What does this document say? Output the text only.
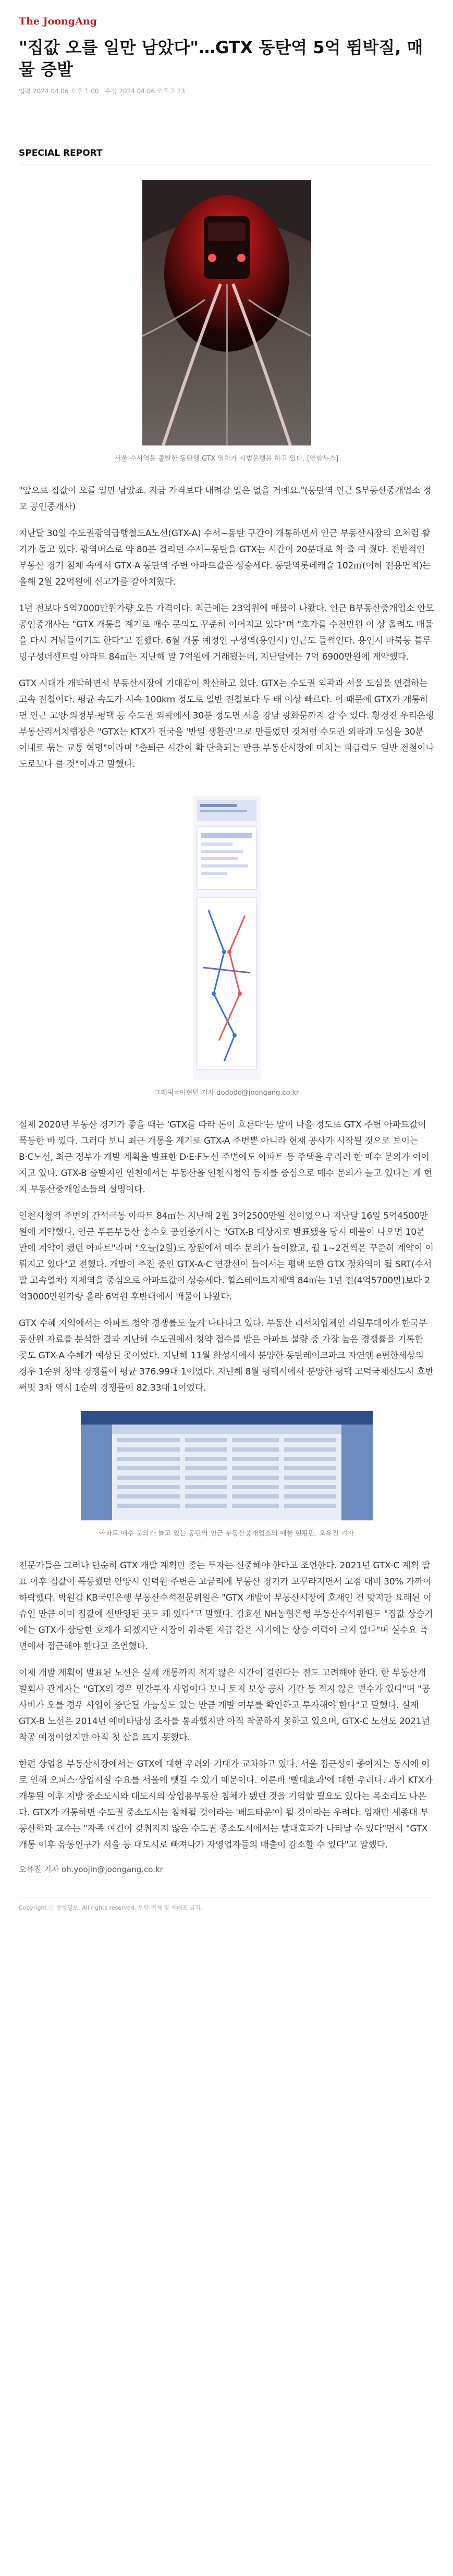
The JoongAng
"집값 오를 일만 남았다"…GTX 동탄역 5억 뜀박질, 매물 증발
입력 2024.04.06 오후 1:00 수정 2024.04.06 오후 2:23
SPECIAL REPORT
서울 수서역을 출발한 동탄행 GTX 열차가 시범운행을 하고 있다. [연합뉴스]

"앞으로 집값이 오를 일만 남았죠. 지금 가격보다 내려갈 일은 없을 거예요."(동탄역 인근 S부동산중개업소 정모 공인중개사)

지난달 30일 수도권광역급행철도A노선(GTX-A) 수서~동탄 구간이 개통하면서 인근 부동산시장의 오처럼 활기가 돌고 있다. 광역버스로 약 80분 걸리던 수서~동탄을 GTX는 시간이 20분대로 확 줄 여 줬다. 전반적인 부동산 경기 침체 속에서 GTX-A 동탄역 주변 아파트값은 상승세다. 동탄역롯데캐슬 102㎡(이하 전용면적)는 올해 2월 22억원에 신고가를 갈아치웠다.

1년 전보다 5억7000만원가량 오른 가격이다. 최근에는 23억원에 매물이 나왔다. 인근 B부동산중개업소 안모 공인중개사는 "GTX 개통을 계기로 매수 문의도 꾸준히 이어지고 있다"며 "호가를 수천만원 이 상 올려도 매물을 다시 거둬들이기도 한다"고 전했다. 6월 개통 예정인 구성역(용인시) 인근도 들썩인다. 용인시 마북동 블루밍구성더센트럴 아파트 84㎡는 지난해 말 7억원에 거래됐는데, 지난달에는 7억 6900만원에 계약했다.

GTX 시대가 개막하면서 부동산시장에 기대감이 확산하고 있다. GTX는 수도권 외곽과 서울 도심을 연결하는 고속 전철이다. 평균 속도가 시속 100km 정도로 일반 전철보다 두 배 이상 빠르다. 이 때문에 GTX가 개통하면 인근 고양·의정부·평택 등 수도권 외곽에서 30분 정도면 서울 강남 광화문까지 갈 수 있다. 황경진 우리은행 부동산리서치랩장은 "GTX는 KTX가 전국을 '반일 생활권'으로 만들었던 것처럼 수도권 외곽과 도심을 30분 이내로 묶는 교통 혁명"이라며 "출퇴근 시간이 확 단축되는 만큼 부동산시장에 미치는 파급력도 일반 전철이나 도로보다 클 것"이라고 말했다.

그래픽=이현민 기자 dododo@joongang.co.kr

실제 2020년 부동산 경기가 좋을 때는 'GTX를 따라 돈이 흐른다'는 말이 나올 정도로 GTX 주변 아파트값이 폭등한 바 있다. 그러다 보니 최근 개통을 계기로 GTX-A 주변뿐 아니라 현재 공사가 시작될 것으로 보이는 B·C노선, 최근 정부가 개발 계획을 발표한 D·E·F노선 주변에도 아파트 등 주택을 우리려 한 매수 문의가 이어지고 있다. GTX-B 출발지인 인천에서는 부동산을 인천시청역 등지를 중심으로 매수 문의가 늘고 있다는 게 현지 부동산중개업소들의 설명이다.

인천시청역 주변의 간석극동 아파트 84㎡는 지난해 2월 3억2500만원 선이었으나 지난달 16일 5억4500만원에 계약했다. 인근 푸른부동산 송수호 공인중개사는 "GTX-B 대상지로 발표됐을 당시 매물이 나오면 10분 만에 계약이 됐던 아파트"라며 "오늘(2일)도 장원에서 매수 문의가 들어왔고, 월 1~2건씩은 꾸준히 계약이 이뤄지고 있다"고 전했다. 개발이 추진 중인 GTX-A·C 연장선이 들어서는 평택 또한 GTX 정차역이 될 SRT(수서발 고속열차) 지제역을 중심으로 아파트값이 상승세다. 힐스테이트지제역 84㎡는 1년 전(4억5700만)보다 2억3000만원가량 올라 6억원 후반대에서 매물이 나왔다.

GTX 수혜 지역에서는 아파트 청약 경쟁률도 높게 나타나고 있다. 부동산 리서치업체인 리얼투데이가 한국부동산원 자료를 분석한 결과 지난해 수도권에서 청약 접수를 받은 아파트 불량 중 가장 높은 경쟁률을 기록한 곳도 GTX-A 수혜가 예상된 곳이었다. 지난해 11월 화성시에서 분양한 동탄레이크파크 자연앤 e편한세상의 경우 1순위 청약 경쟁률이 평균 376.99대 1이었다. 지난해 8월 평택시에서 분양한 평택 고덕국제신도시 호반써밋 3차 역시 1순위 경쟁률이 82.33대 1이었다.

아파트 매수 문의가 늘고 있는 동탄역 인근 부동산중개업소의 매물 현황판. 오유진 기자

전문가들은 그러나 단순히 GTX 개발 계획만 좇는 투자는 신중해야 한다고 조언한다. 2021년 GTX-C 계획 발표 이후 집값이 폭등했던 안양시 인덕원 주변은 고금리에 부동산 경기가 고꾸라지면서 고점 대비 30% 가까이 하락했다. 박원갑 KB국민은행 부동산수석전문위원은 "GTX 개발이 부동산시장에 호재인 건 맞지만 요래된 이슈인 만큼 이미 집값에 선반영된 곳도 꽤 있다"고 말했다. 김효선 NH농협은행 부동산수석위원도 "집값 상승기에는 GTX가 상당한 호재가 되겠지만 시장이 위축된 지금 같은 시기에는 상승 여력이 크지 않다"며 실수요 측면에서 접근해야 한다고 조언했다.

이제 개발 계획이 발표된 노선은 실제 개통까지 적지 않은 시간이 걸린다는 점도 고려해야 한다. 한 부동산개발회사 관계자는 "GTX의 경우 민간투자 사업이다 보니 토지 보상 공사 기간 등 적지 않은 변수가 있다"며 "공사비가 오를 경우 사업이 중단될 가능성도 있는 만큼 개발 여부를 확인하고 투자해야 한다"고 말했다. 실제 GTX-B 노선은 2014년 예비타당성 조사를 통과했지만 아직 착공하지 못하고 있으며, GTX-C 노선도 2021년 착공 예정이었지만 아직 첫 삽을 뜨지 못했다.

한편 상업용 부동산시장에서는 GTX에 대한 우려와 기대가 교차하고 있다. 서울 접근성이 좋아지는 동시에 이로 인해 오피스·상업시설 수요를 서울에 뺏길 수 있기 때문이다. 이른바 '빨대효과'에 대한 우려다. 과거 KTX가 개통된 이후 지방 중소도시와 대도시의 상업용부동산 침체가 됐던 것을 기억할 필요도 있다는 목소리도 나온다. GTX가 개통하면 수도권 중소도시는 침체될 것이라는 '베드타운'이 될 것이라는 우려다. 임재만 세종대 부동산학과 교수는 "자족 여건이 갖춰지지 않은 수도권 중소도시에서는 빨대효과가 나타날 수 있다"면서 "GTX 개통 이후 유동인구가 서울 등 대도시로 빠져나가 자영업자들의 매출이 감소할 수 있다"고 말했다.

오유진 기자 oh.yoojin@joongang.co.kr
Copyright ⓒ 중앙일보. All rights reserved. 무단 전재 및 재배포 금지.
